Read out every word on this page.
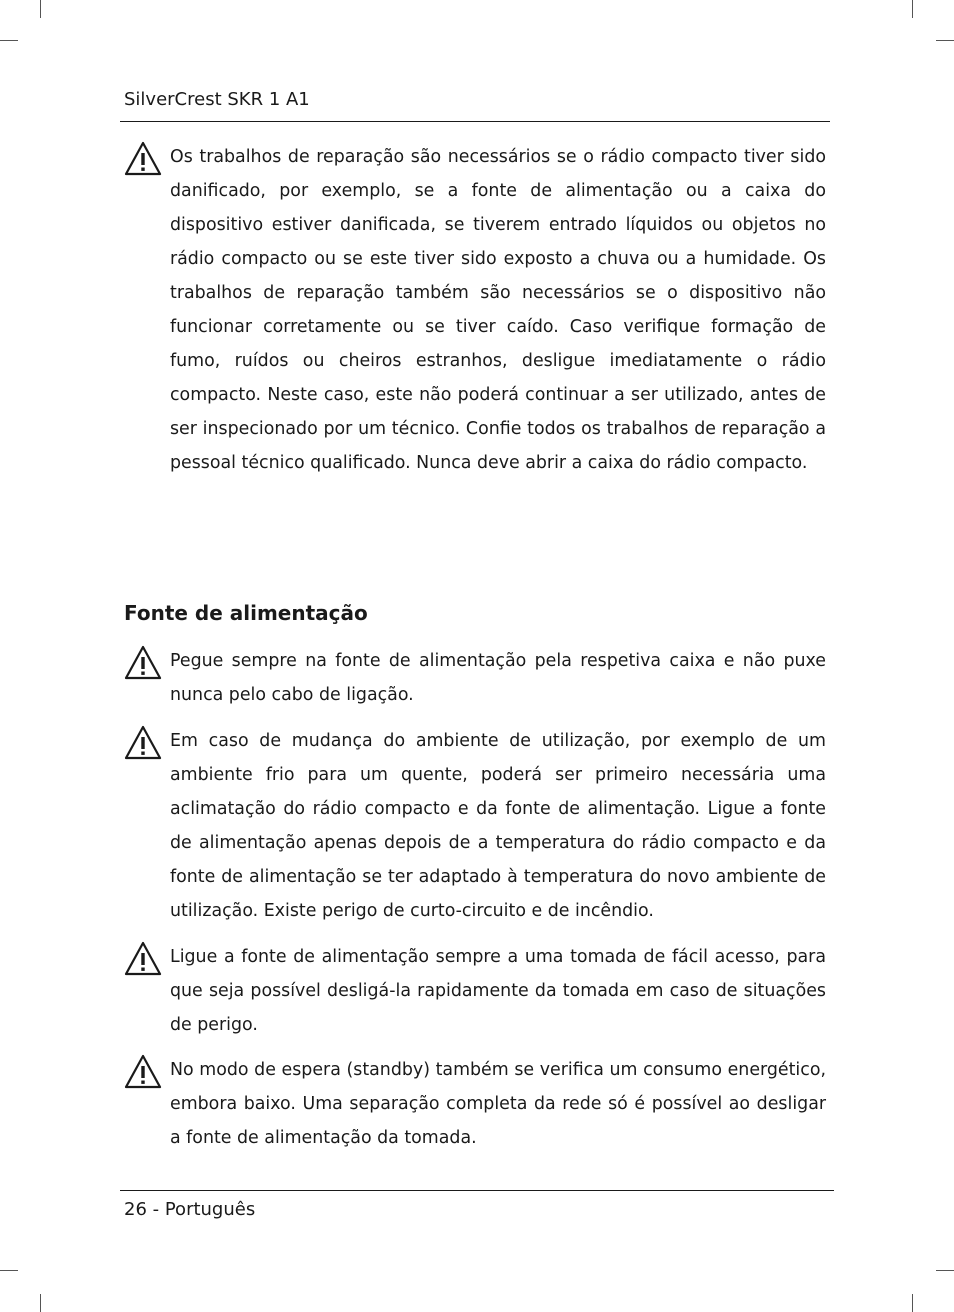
SilverCrest SKR 1 A1

Os trabalhos de reparação são necessários se o rádio compacto tiver sido danificado, por exemplo, se a fonte de alimentação ou a caixa do dispositivo estiver danificada, se tiverem entrado líquidos ou objetos no rádio compacto ou se este tiver sido exposto a chuva ou a humidade. Os trabalhos de reparação também são necessários se o dispositivo não funcionar corretamente ou se tiver caído. Caso verifique formação de fumo, ruídos ou cheiros estranhos, desligue imediatamente o rádio compacto. Neste caso, este não poderá continuar a ser utilizado, antes de ser inspecionado por um técnico. Confie todos os trabalhos de reparação a pessoal técnico qualificado. Nunca deve abrir a caixa do rádio compacto.

Fonte de alimentação

Pegue sempre na fonte de alimentação pela respetiva caixa e não puxe nunca pelo cabo de ligação.

Em caso de mudança do ambiente de utilização, por exemplo de um ambiente frio para um quente, poderá ser primeiro necessária uma aclimatação do rádio compacto e da fonte de alimentação. Ligue a fonte de alimentação apenas depois de a temperatura do rádio compacto e da fonte de alimentação se ter adaptado à temperatura do novo ambiente de utilização. Existe perigo de curto-circuito e de incêndio.

Ligue a fonte de alimentação sempre a uma tomada de fácil acesso, para que seja possível desligá-la rapidamente da tomada em caso de situações de perigo.

No modo de espera (standby) também se verifica um consumo energético, embora baixo. Uma separação completa da rede só é possível ao desligar a fonte de alimentação da tomada.

26 - Português
